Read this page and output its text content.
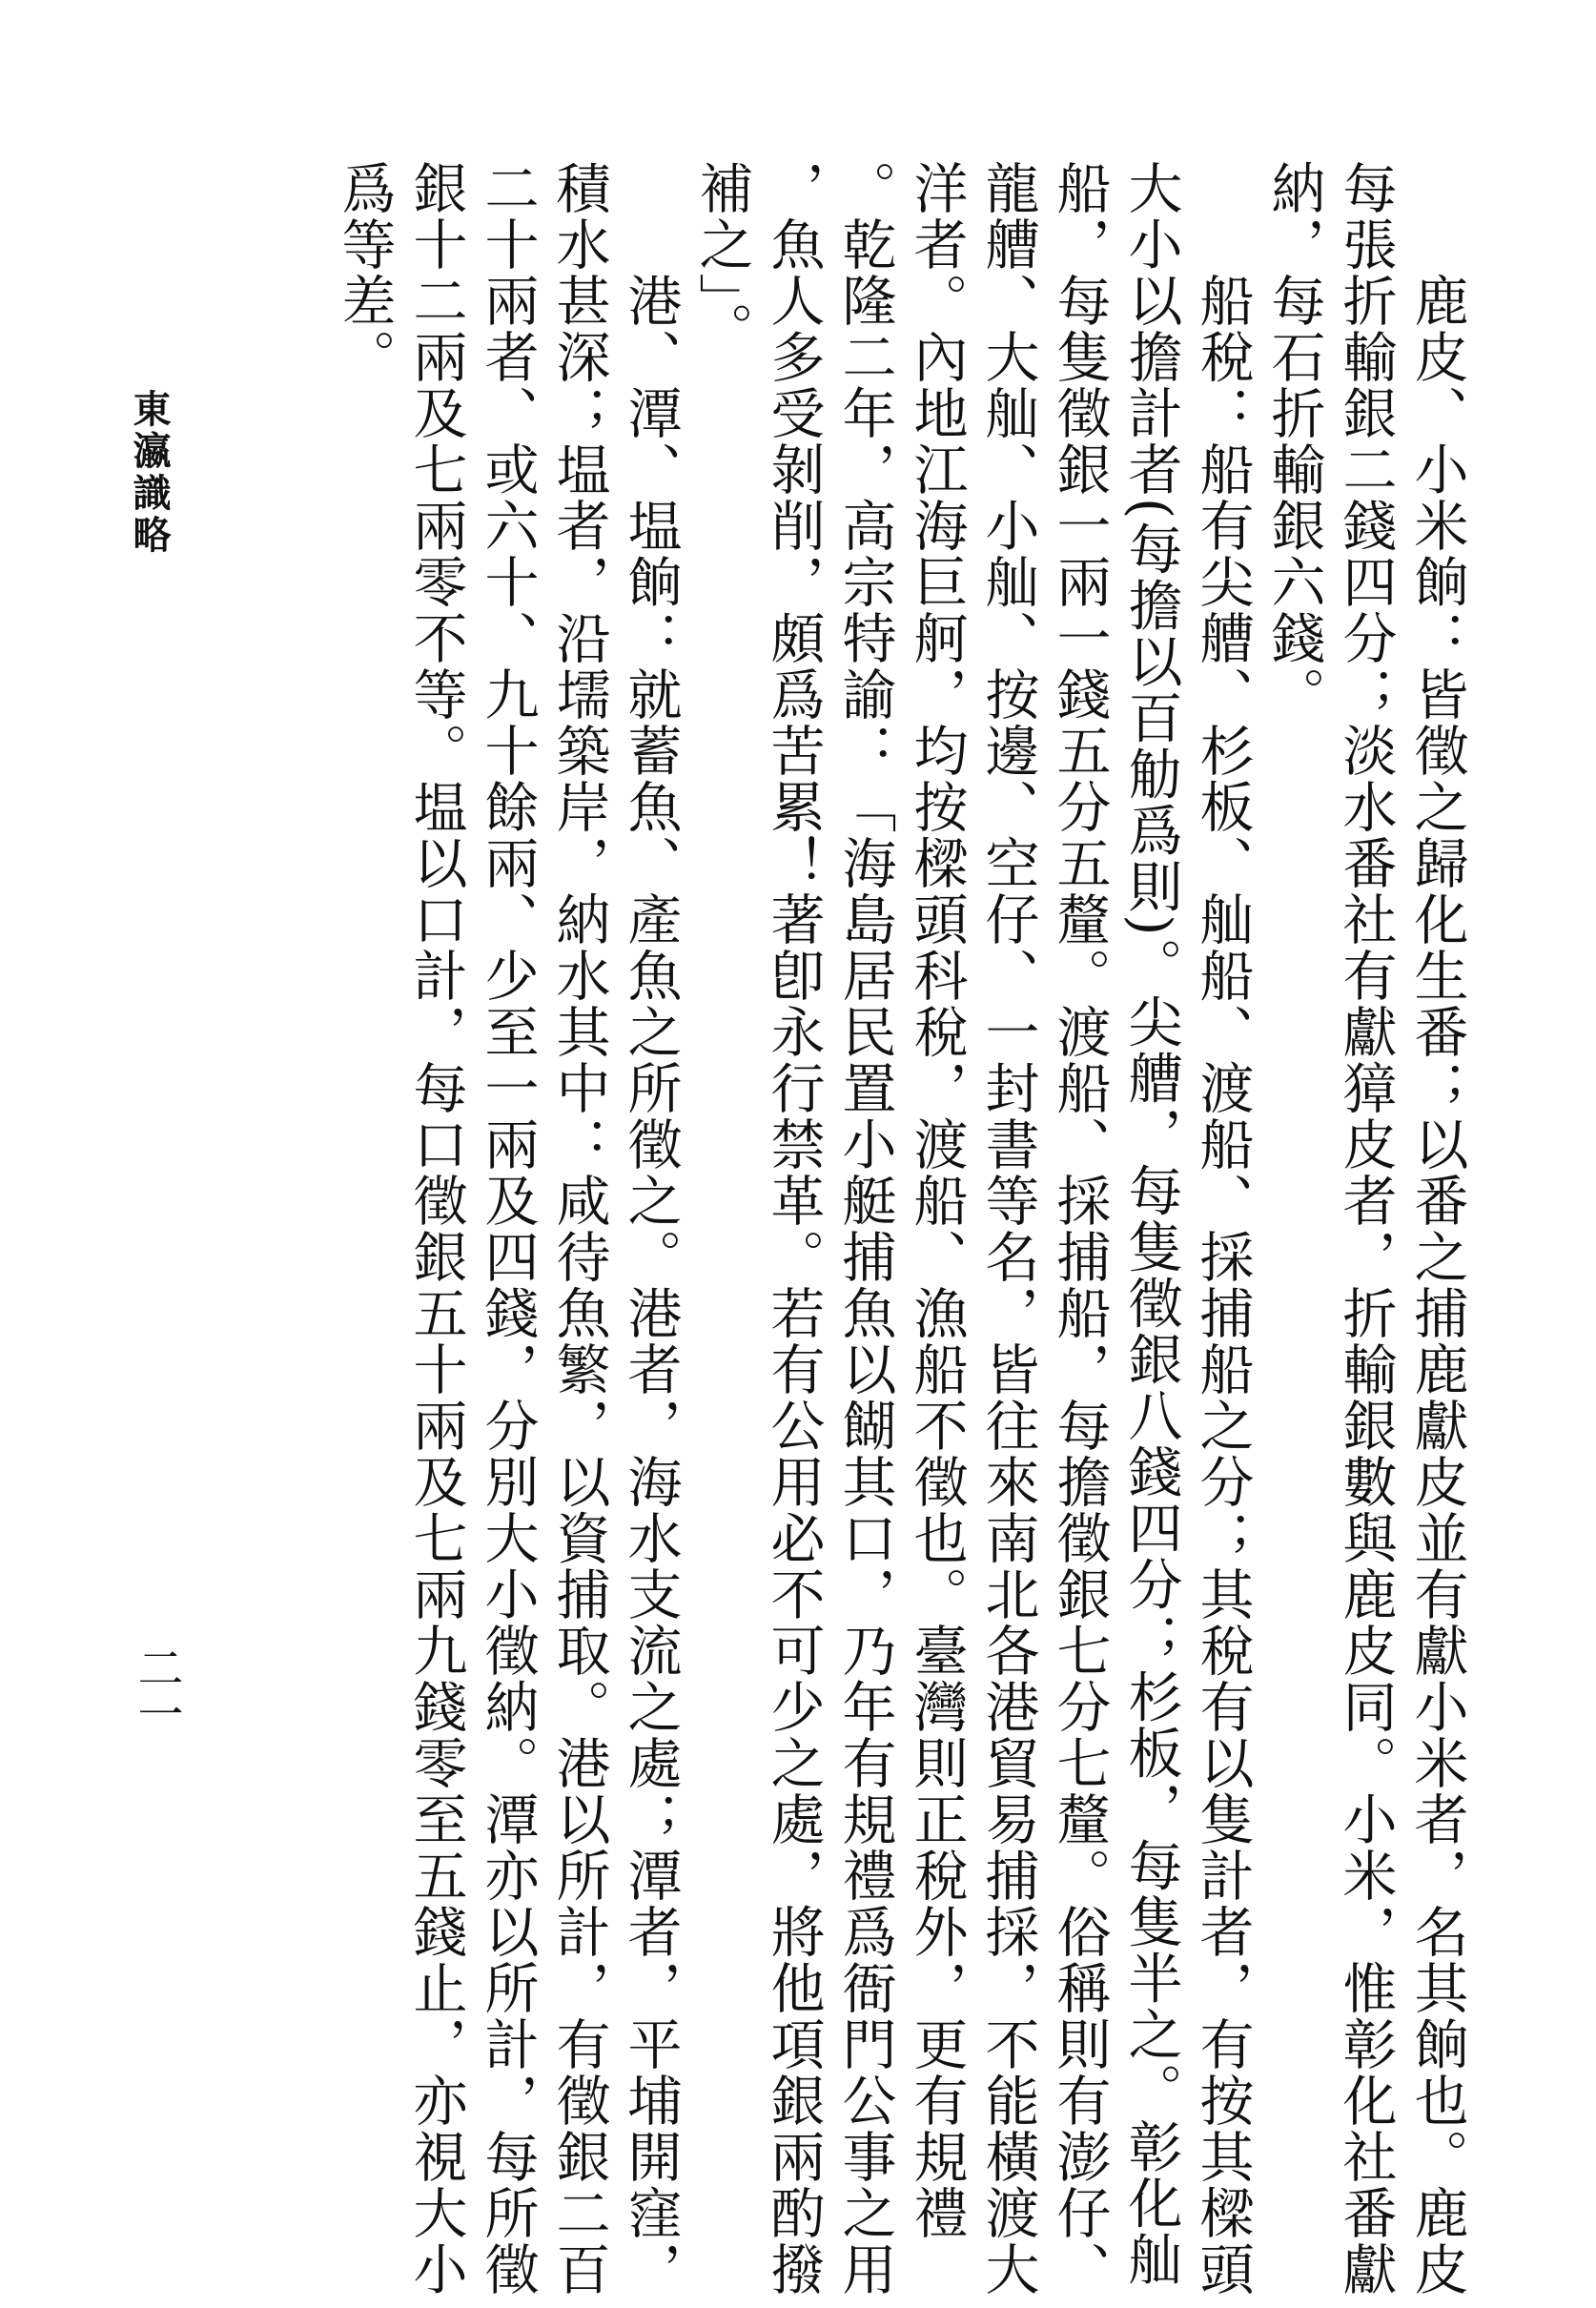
鹿皮、小米餉：皆徵之歸化生番；以番之捕鹿獻皮並有獻小米者，名其餉也。鹿皮
每張折輸銀二錢四分；淡水番社有獻獐皮者，折輸銀數與鹿皮同。小米，惟彰化社番獻
納，每石折輸銀六錢。
船稅：船有尖艚、杉板、舢船、渡船、採捕船之分；其稅有以隻計者，有按其樑頭
大小以擔計者(每擔以百觔爲則)。尖艚，每隻徵銀八錢四分；杉板，每隻半之。彰化舢
船，每隻徵銀一兩一錢五分五釐。渡船、採捕船，每擔徵銀七分七釐。俗稱則有澎仔、
龍艚、大舢、小舢、按邊、空仔、一封書等名，皆往來南北各港貿易捕採，不能橫渡大
洋者。內地江海巨舸，均按樑頭科稅，渡船、漁船不徵也。臺灣則正稅外，更有規禮
。乾隆二年，高宗特諭：「海島居民置小艇捕魚以餬其口，乃年有規禮爲衙門公事之用
，魚人多受剝削，頗爲苦累！著卽永行禁革。若有公用必不可少之處，將他項銀兩酌撥
補之」。
港、潭、塭餉：就蓄魚、產魚之所徵之。港者，海水支流之處；潭者，平埔開窪，
積水甚深；塭者，沿壖築岸，納水其中：咸待魚繁，以資捕取。港以所計，有徵銀二百
二十兩者、或六十、九十餘兩、少至一兩及四錢，分別大小徵納。潭亦以所計，每所徵
銀十二兩及七兩零不等。塭以口計，每口徵銀五十兩及七兩九錢零至五錢止，亦視大小
爲等差。
東瀛識略
二一
